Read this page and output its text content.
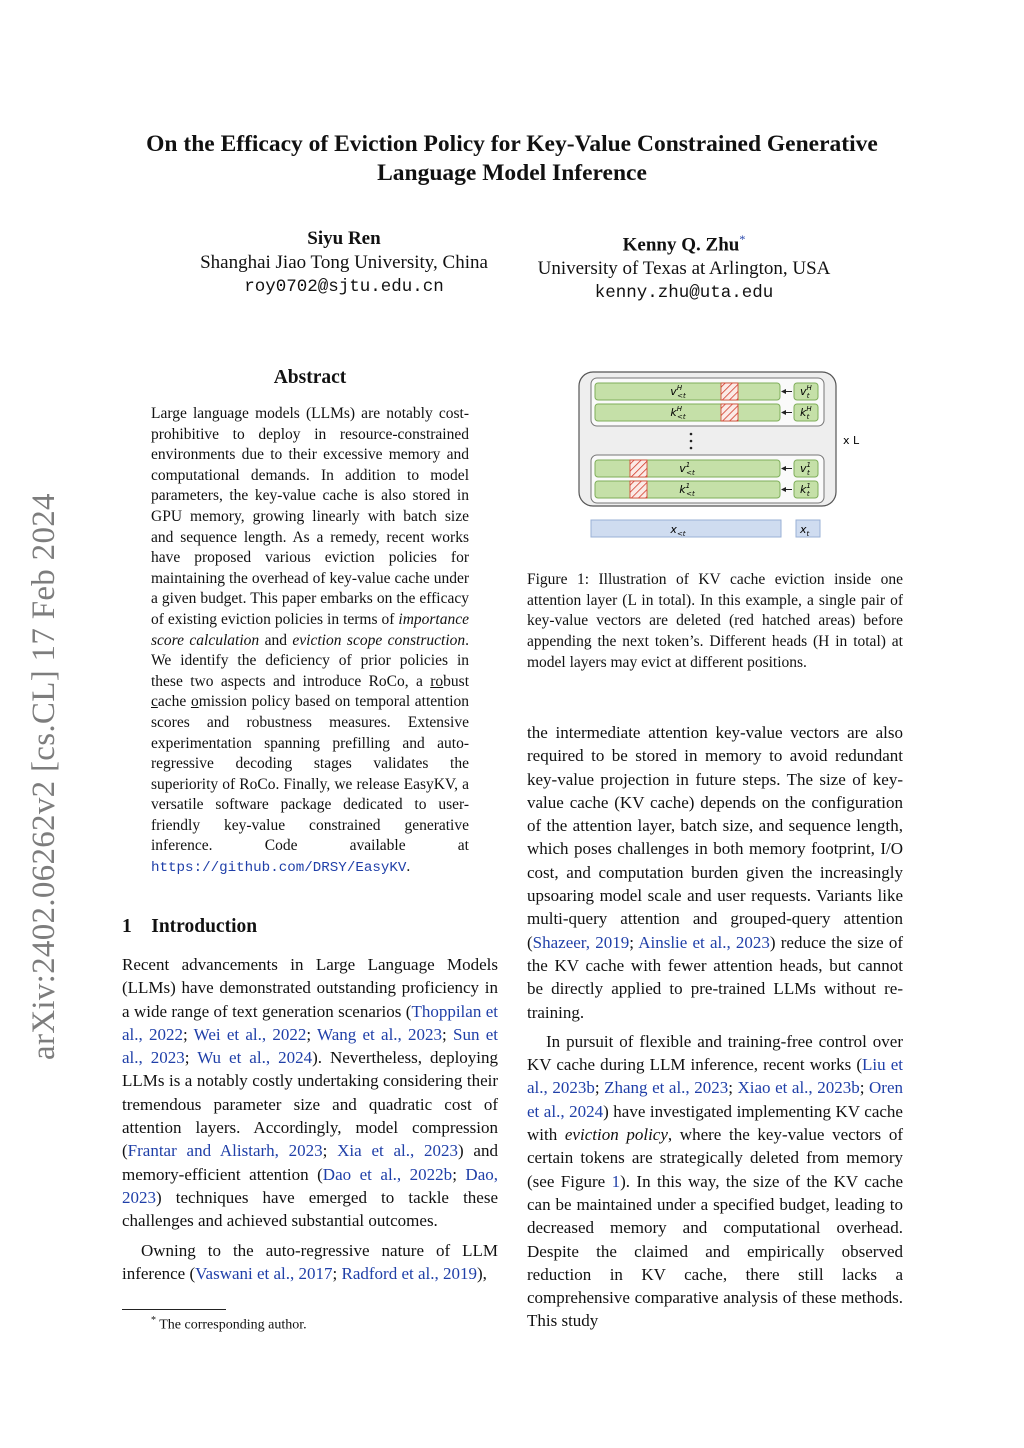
arXiv:2402.06262v2 [cs.CL] 17 Feb 2024
On the Efficacy of Eviction Policy for Key-Value Constrained Generative
Language Model Inference
Siyu Ren
Shanghai Jiao Tong University, China
roy0702@sjtu.edu.cn
Kenny Q. Zhu*
University of Texas at Arlington, USA
kenny.zhu@uta.edu
Abstract
Large language models (LLMs) are notably cost-prohibitive to deploy in resource-constrained environments due to their excessive memory and computational demands. In addition to model parameters, the key-value cache is also stored in GPU memory, growing linearly with batch size and sequence length. As a remedy, recent works have proposed various eviction policies for maintaining the overhead of key-value cache under a given budget. This paper embarks on the efficacy of existing eviction policies in terms of importance score calculation and eviction scope construction. We identify the deficiency of prior policies in these two aspects and introduce RoCo, a robust cache omission policy based on temporal attention scores and robustness measures. Extensive experimentation spanning prefilling and auto-regressive decoding stages validates the superiority of RoCo. Finally, we release EasyKV, a versatile software package dedicated to user-friendly key-value constrained generative inference. Code available at https://github.com/DRSY/EasyKV.
1 Introduction

Recent advancements in Large Language Models (LLMs) have demonstrated outstanding proficiency in a wide range of text generation scenarios (Thoppilan et al., 2022; Wei et al., 2022; Wang et al., 2023; Sun et al., 2023; Wu et al., 2024). Nevertheless, deploying LLMs is a notably costly undertaking considering their tremendous parameter size and quadratic cost of attention layers. Accordingly, model compression (Frantar and Alistarh, 2023; Xia et al., 2023) and memory-efficient attention (Dao et al., 2022b; Dao, 2023) techniques have emerged to tackle these challenges and achieved substantial outcomes.

Owning to the auto-regressive nature of LLM inference (Vaswani et al., 2017; Radford et al., 2019),

* The corresponding author.
$v^H <t$
$k^H <t$
$v^H$ t
$k^H$ t
$v^1 <t$
$k^1 <t$
$v^1$ t
$k^1$ t
x L
$x_{<t}$	$x_t$
Figure 1: Illustration of KV cache eviction inside one attention layer (L in total). In this example, a single pair of key-value vectors are deleted (red hatched areas) before appending the next token’s. Different heads (H in total) at model layers may evict at different positions.

the intermediate attention key-value vectors are also required to be stored in memory to avoid redundant key-value projection in future steps. The size of key-value cache (KV cache) depends on the configuration of the attention layer, batch size, and sequence length, which poses challenges in both memory footprint, I/O cost, and computation burden given the increasingly upsoaring model scale and user requests. Variants like multi-query attention and grouped-query attention (Shazeer, 2019; Ainslie et al., 2023) reduce the size of the KV cache with fewer attention heads, but cannot be directly applied to pre-trained LLMs without re-training.

In pursuit of flexible and training-free control over KV cache during LLM inference, recent works (Liu et al., 2023b; Zhang et al., 2023; Xiao et al., 2023b; Oren et al., 2024) have investigated implementing KV cache with eviction policy, where the key-value vectors of certain tokens are strategically deleted from memory (see Figure 1). In this way, the size of the KV cache can be maintained under a specified budget, leading to decreased memory and computational overhead. Despite the claimed and empirically observed reduction in KV cache, there still lacks a comprehensive comparative analysis of these methods. This study
